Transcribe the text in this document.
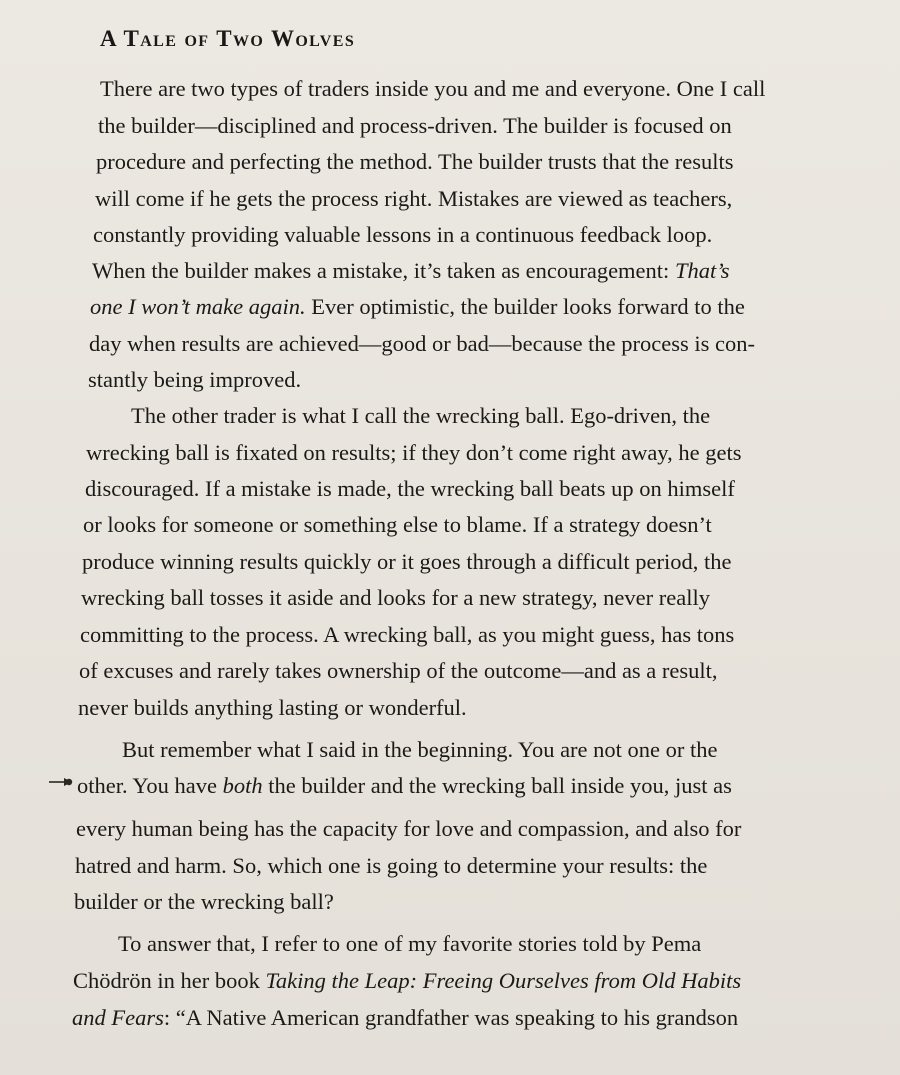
A Tale of Two Wolves
There are two types of traders inside you and me and everyone. One I call
the builder—disciplined and process-driven. The builder is focused on
procedure and perfecting the method. The builder trusts that the results
will come if he gets the process right. Mistakes are viewed as teachers,
constantly providing valuable lessons in a continuous feedback loop.
When the builder makes a mistake, it’s taken as encouragement: That’s
one I won’t make again. Ever optimistic, the builder looks forward to the
day when results are achieved—good or bad—because the process is con-
stantly being improved.
The other trader is what I call the wrecking ball. Ego-driven, the
wrecking ball is fixated on results; if they don’t come right away, he gets
discouraged. If a mistake is made, the wrecking ball beats up on himself
or looks for someone or something else to blame. If a strategy doesn’t
produce winning results quickly or it goes through a difficult period, the
wrecking ball tosses it aside and looks for a new strategy, never really
committing to the process. A wrecking ball, as you might guess, has tons
of excuses and rarely takes ownership of the outcome—and as a result,
never builds anything lasting or wonderful.
But remember what I said in the beginning. You are not one or the
other. You have both the builder and the wrecking ball inside you, just as
every human being has the capacity for love and compassion, and also for
hatred and harm. So, which one is going to determine your results: the
builder or the wrecking ball?
To answer that, I refer to one of my favorite stories told by Pema
Chödrön in her book Taking the Leap: Freeing Ourselves from Old Habits
and Fears: “A Native American grandfather was speaking to his grandson
